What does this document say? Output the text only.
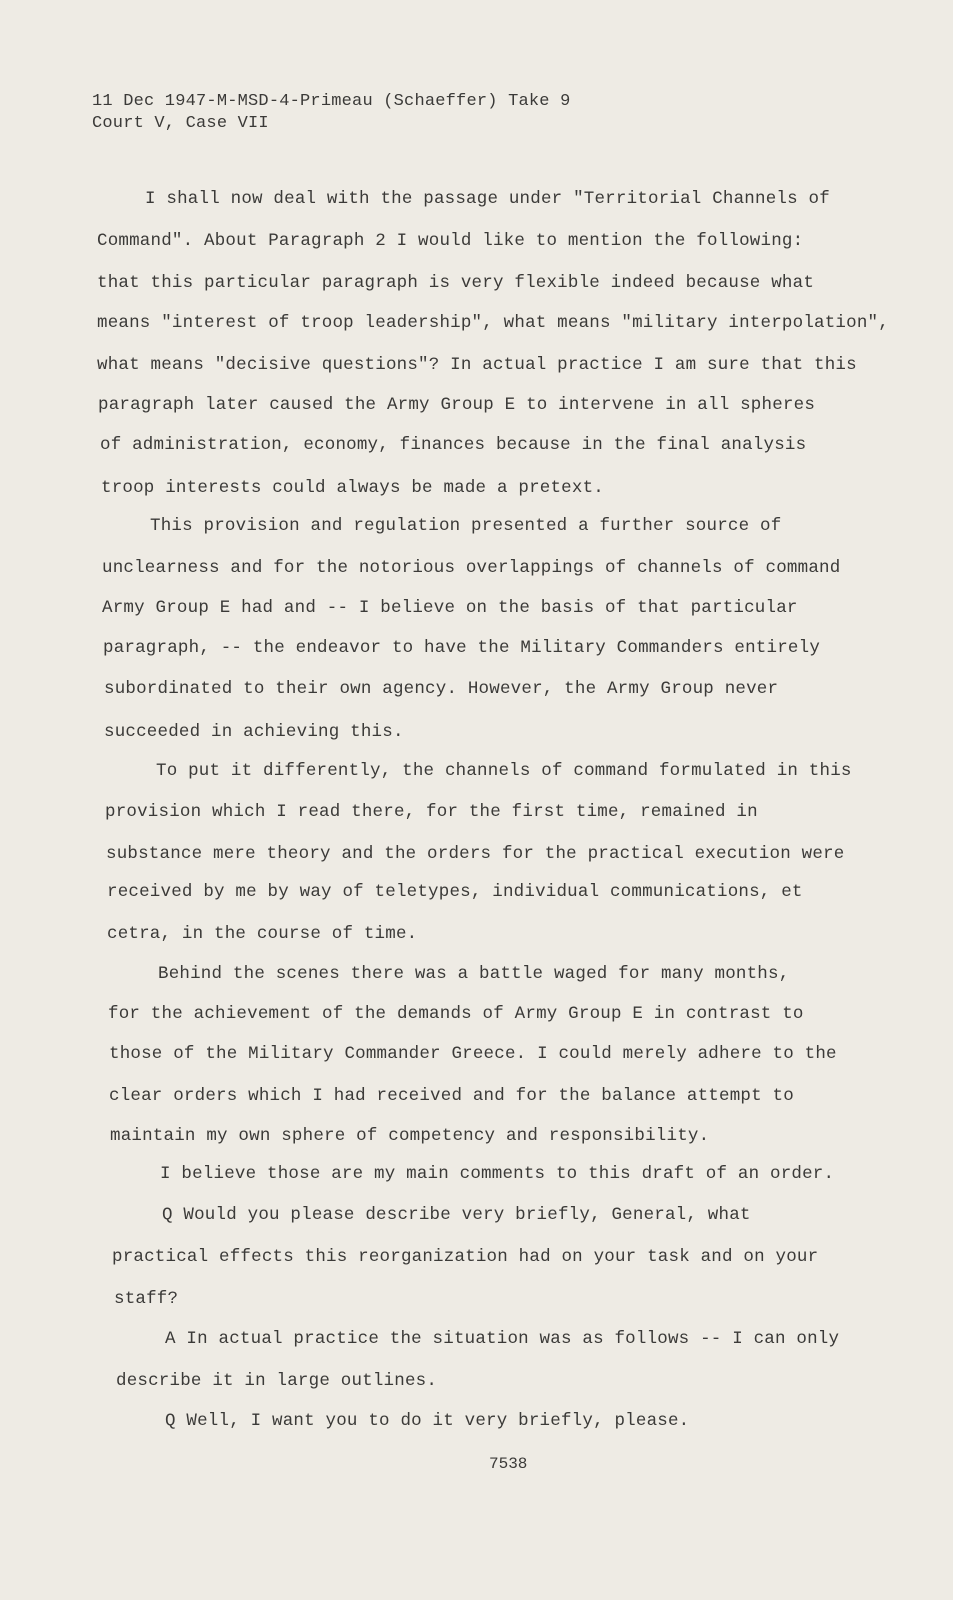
11 Dec 1947-M-MSD-4-Primeau (Schaeffer) Take 9
Court V, Case VII
I shall now deal with the passage under "Territorial Channels of
Command". About Paragraph 2 I would like to mention the following:
that this particular paragraph is very flexible indeed because what
means "interest of troop leadership", what means "military interpolation",
what means "decisive questions"? In actual practice I am sure that this
paragraph later caused the Army Group E to intervene in all spheres
of administration, economy, finances because in the final analysis
troop interests could always be made a pretext.
This provision and regulation presented a further source of
unclearness and for the notorious overlappings of channels of command
Army Group E had and -- I believe on the basis of that particular
paragraph, -- the endeavor to have the Military Commanders entirely
subordinated to their own agency. However, the Army Group never
succeeded in achieving this.
To put it differently, the channels of command formulated in this
provision which I read there, for the first time, remained in
substance mere theory and the orders for the practical execution were
received by me by way of teletypes, individual communications, et
cetra, in the course of time.
Behind the scenes there was a battle waged for many months,
for the achievement of the demands of Army Group E in contrast to
those of the Military Commander Greece. I could merely adhere to the
clear orders which I had received and for the balance attempt to
maintain my own sphere of competency and responsibility.
I believe those are my main comments to this draft of an order.
Q Would you please describe very briefly, General, what
practical effects this reorganization had on your task and on your
staff?
A In actual practice the situation was as follows -- I can only
describe it in large outlines.
Q Well, I want you to do it very briefly, please.
7538
